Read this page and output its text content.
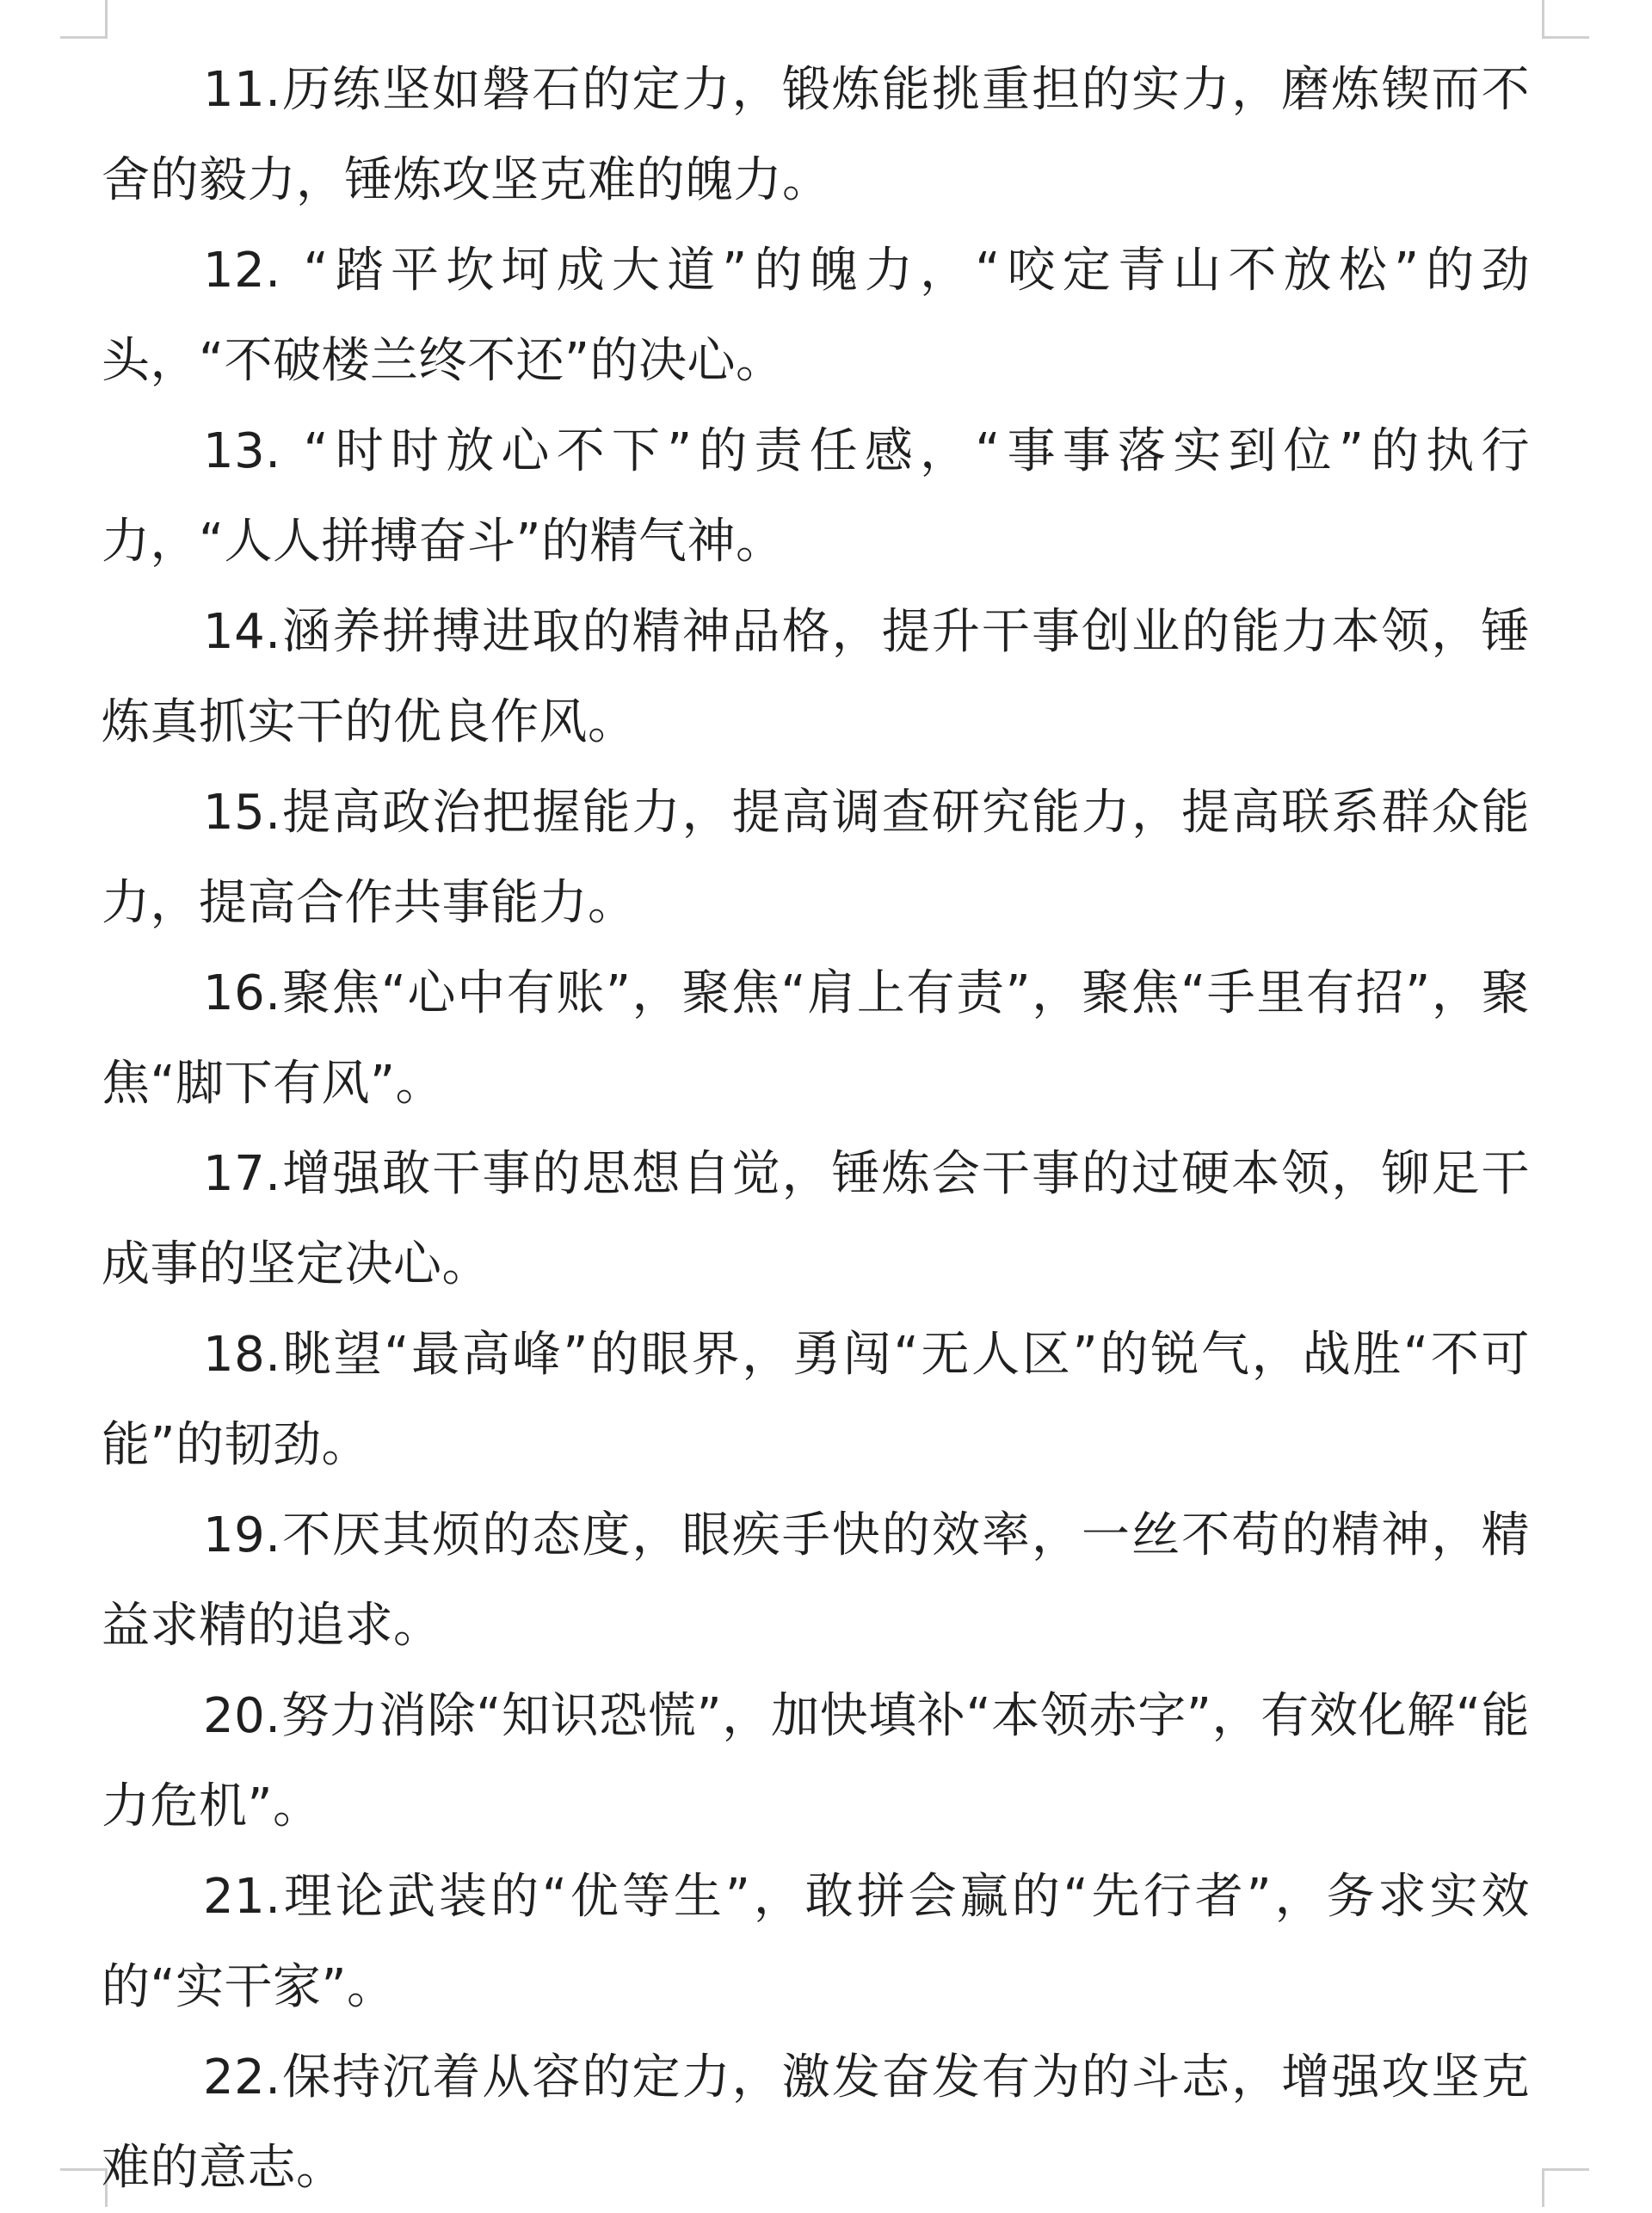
11.历练坚如磐石的定力，锻炼能挑重担的实力，磨炼锲而不舍的毅力，锤炼攻坚克难的魄力。

12. “踏平坎坷成大道”的魄力，“咬定青山不放松”的劲头，“不破楼兰终不还”的决心。

13. “时时放心不下”的责任感，“事事落实到位”的执行力，“人人拼搏奋斗”的精气神。

14.涵养拼搏进取的精神品格，提升干事创业的能力本领，锤炼真抓实干的优良作风。

15.提高政治把握能力，提高调查研究能力，提高联系群众能力，提高合作共事能力。

16.聚焦“心中有账”，聚焦“肩上有责”，聚焦“手里有招”，聚焦“脚下有风”。

17.增强敢干事的思想自觉，锤炼会干事的过硬本领，铆足干成事的坚定决心。

18.眺望“最高峰”的眼界，勇闯“无人区”的锐气，战胜“不可能”的韧劲。

19.不厌其烦的态度，眼疾手快的效率，一丝不苟的精神，精益求精的追求。

20.努力消除“知识恐慌”，加快填补“本领赤字”，有效化解“能力危机”。

21.理论武装的“优等生”，敢拼会赢的“先行者”，务求实效的“实干家”。

22.保持沉着从容的定力，激发奋发有为的斗志，增强攻坚克难的意志。
